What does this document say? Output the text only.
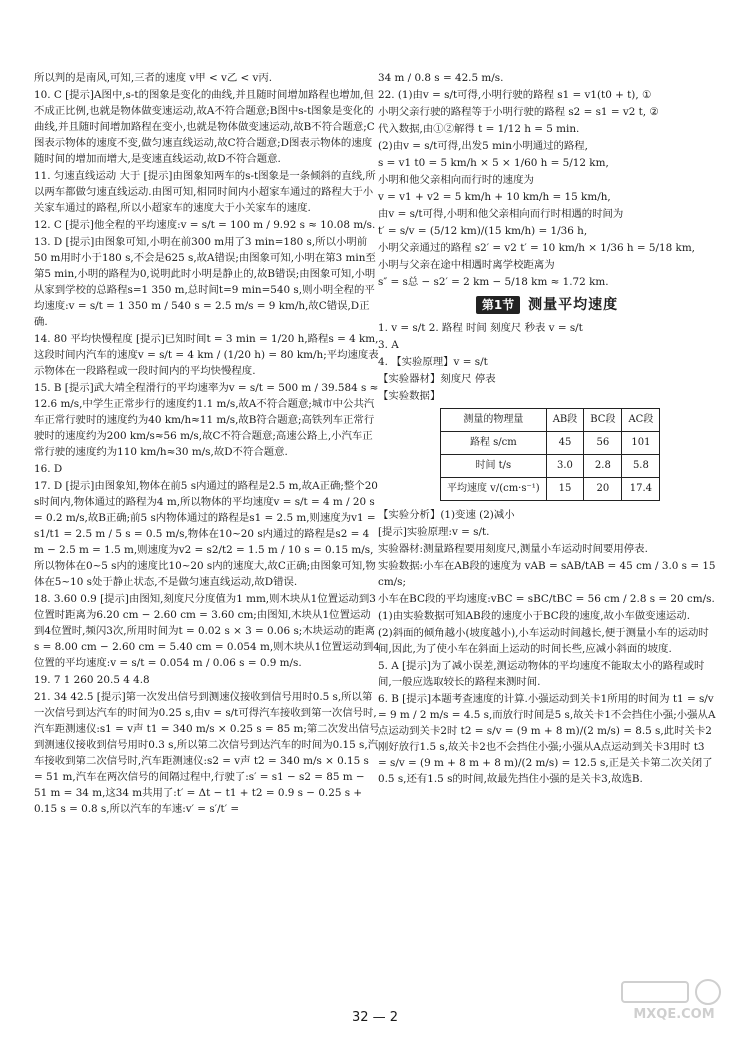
所以判的是南风,可知,三者的速度 v甲 < v乙 < v丙.

10. C [提示]A图中,s-t的图象是变化的曲线,并且随时间增加路程也增加,但不成正比例,也就是物体做变速运动,故A不符合题意;B图中s-t图象是变化的曲线,并且随时间增加路程在变小,也就是物体做变速运动,故B不符合题意;C图表示物体的速度不变,做匀速直线运动,故C符合题意;D图表示物体的速度随时间的增加而增大,是变速直线运动,故D不符合题意.

11. 匀速直线运动 大于 [提示]由图象知两车的s-t图象是一条倾斜的直线,所以两车都做匀速直线运动.由图可知,相同时间内小超家车通过的路程大于小关家车通过的路程,所以小超家车的速度大于小关家车的速度.

12. C [提示]他全程的平均速度:v = s/t = 100 m / 9.92 s ≈ 10.08 m/s.

13. D [提示]由图象可知,小明在前300 m用了3 min=180 s,所以小明前50 m用时小于180 s,不会是625 s,故A错误;由图象可知,小明在第3 min至第5 min,小明的路程为0,说明此时小明是静止的,故B错误;由图象可知,小明从家到学校的总路程s=1 350 m,总时间t=9 min=540 s,则小明全程的平均速度:v = s/t = 1 350 m / 540 s = 2.5 m/s = 9 km/h,故C错误,D正确.

14. 80 平均快慢程度 [提示]已知时间t = 3 min = 1/20 h,路程s = 4 km,这段时间内汽车的速度v = s/t = 4 km / (1/20 h) = 80 km/h;平均速度表示物体在一段路程或一段时间内的平均快慢程度.

15. B [提示]武大靖全程滑行的平均速率为v = s/t = 500 m / 39.584 s ≈ 12.6 m/s,中学生正常步行的速度约1.1 m/s,故A不符合题意;城市中公共汽车正常行驶时的速度约为40 km/h≈11 m/s,故B符合题意;高铁列车正常行驶时的速度约为200 km/s≈56 m/s,故C不符合题意;高速公路上,小汽车正常行驶的速度约为110 km/h≈30 m/s,故D不符合题意.

16. D

17. D [提示]由图象知,物体在前5 s内通过的路程是2.5 m,故A正确;整个20 s时间内,物体通过的路程为4 m,所以物体的平均速度v = s/t = 4 m / 20 s = 0.2 m/s,故B正确;前5 s内物体通过的路程是s1 = 2.5 m,则速度为v1 = s1/t1 = 2.5 m / 5 s = 0.5 m/s,物体在10~20 s内通过的路程是s2 = 4 m − 2.5 m = 1.5 m,则速度为v2 = s2/t2 = 1.5 m / 10 s = 0.15 m/s,所以物体在0~5 s内的速度比10~20 s内的速度大,故C正确;由图象可知,物体在5~10 s处于静止状态,不是做匀速直线运动,故D错误.

18. 3.60 0.9 [提示]由图知,刻度尺分度值为1 mm,则木块从1位置运动到3位置时距离为6.20 cm − 2.60 cm = 3.60 cm;由图知,木块从1位置运动到4位置时,频闪3次,所用时间为t = 0.02 s × 3 = 0.06 s;木块运动的距离s = 8.00 cm − 2.60 cm = 5.40 cm = 0.054 m,则木块从1位置运动到4位置的平均速度:v = s/t = 0.054 m / 0.06 s = 0.9 m/s.

19. 7 1 260 20.5 4 4.8

21. 34 42.5 [提示]第一次发出信号到测速仪接收到信号用时0.5 s,所以第一次信号到达汽车的时间为0.25 s,由v = s/t可得汽车接收到第一次信号时,汽车距测速仪:s1 = v声 t1 = 340 m/s × 0.25 s = 85 m;第二次发出信号到测速仪接收到信号用时0.3 s,所以第二次信号到达汽车的时间为0.15 s,汽车接收到第二次信号时,汽车距测速仪:s2 = v声 t2 = 340 m/s × 0.15 s = 51 m,汽车在两次信号的间隔过程中,行驶了:s′ = s1 − s2 = 85 m − 51 m = 34 m,这34 m共用了:t′ = Δt − t1 + t2 = 0.9 s − 0.25 s + 0.15 s = 0.8 s,所以汽车的车速:v′ = s′/t′ =

34 m / 0.8 s = 42.5 m/s.

22. (1)由v = s/t可得,小明行驶的路程 s1 = v1(t0 + t), ①

小明父亲行驶的路程等于小明行驶的路程 s2 = s1 = v2 t, ②

代入数据,由①②解得 t = 1/12 h = 5 min.

(2)由v = s/t可得,出发5 min小明通过的路程,

s = v1 t0 = 5 km/h × 5 × 1/60 h = 5/12 km,

小明和他父亲相向而行时的速度为

v = v1 + v2 = 5 km/h + 10 km/h = 15 km/h,

由v = s/t可得,小明和他父亲相向而行时相遇的时间为

t′ = s/v = (5/12 km)/(15 km/h) = 1/36 h,

小明父亲通过的路程 s2′ = v2 t′ = 10 km/h × 1/36 h = 5/18 km,

小明与父亲在途中相遇时离学校距离为

s″ = s总 − s2′ = 2 km − 5/18 km ≈ 1.72 km.

第1节	测量平均速度

1. v = s/t 2. 路程 时间 刻度尺 秒表 v = s/t

3. A

4. 【实验原理】v = s/t

【实验器材】刻度尺 停表

【实验数据】

测量的物理量	AB段	BC段	AC段
路程 s/cm	45	56	101
时间 t/s	3.0	2.8	5.8
平均速度 v/(cm·s⁻¹)	15	20	17.4

【实验分析】(1)变速 (2)减小

[提示]实验原理:v = s/t.

实验器材:测量路程要用刻度尺,测量小车运动时间要用停表.

实验数据:小车在AB段的速度为 vAB = sAB/tAB = 45 cm / 3.0 s = 15 cm/s;

小车在BC段的平均速度:vBC = sBC/tBC = 56 cm / 2.8 s = 20 cm/s.

(1)由实验数据可知AB段的速度小于BC段的速度,故小车做变速运动.

(2)斜面的倾角越小(坡度越小),小车运动时间越长,便于测量小车的运动时间,因此,为了使小车在斜面上运动的时间长些,应减小斜面的坡度.

5. A [提示]为了减小误差,测运动物体的平均速度不能取太小的路程或时间,一般应选取较长的路程来测时间.

6. B [提示]本题考查速度的计算.小强运动到关卡1所用的时间为 t1 = s/v = 9 m / 2 m/s = 4.5 s,而放行时间是5 s,故关卡1不会挡住小强;小强从A点运动到关卡2时 t2 = s/v = (9 m + 8 m)/(2 m/s) = 8.5 s,此时关卡2刚好放行1.5 s,故关卡2也不会挡住小强;小强从A点运动到关卡3用时 t3 = s/v = (9 m + 8 m + 8 m)/(2 m/s) = 12.5 s,正是关卡第二次关闭了0.5 s,还有1.5 s的时间,故最先挡住小强的是关卡3,故选B.

32 — 2	MXQE.COM
